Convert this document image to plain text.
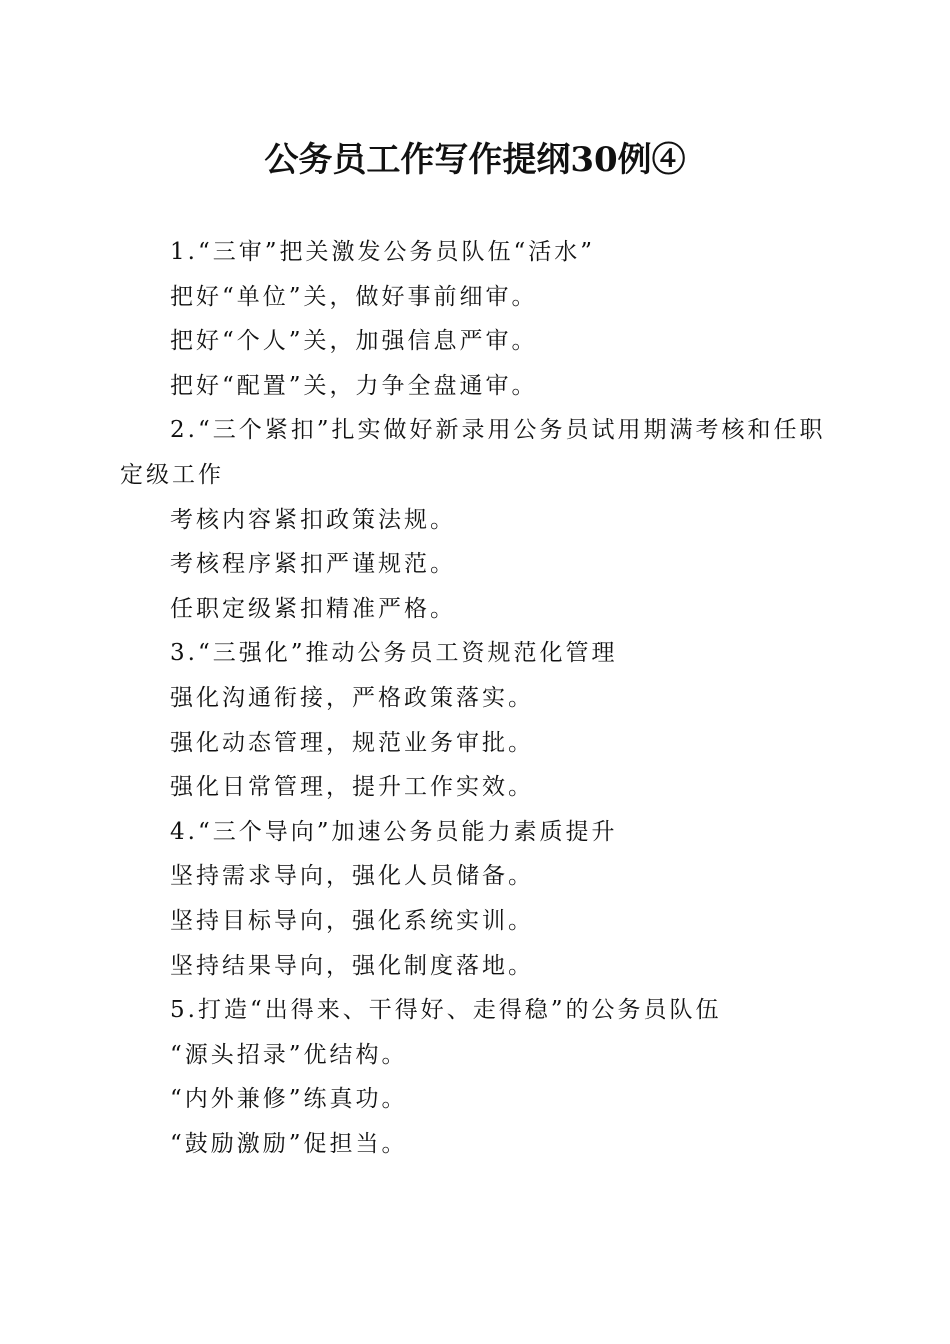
公务员工作写作提纲30例④

1.“三审”把关激发公务员队伍“活水”

把好“单位”关，做好事前细审。

把好“个人”关，加强信息严审。

把好“配置”关，力争全盘通审。

2.“三个紧扣”扎实做好新录用公务员试用期满考核和任职定级工作

考核内容紧扣政策法规。

考核程序紧扣严谨规范。

任职定级紧扣精准严格。

3.“三强化”推动公务员工资规范化管理

强化沟通衔接，严格政策落实。

强化动态管理，规范业务审批。

强化日常管理，提升工作实效。

4.“三个导向”加速公务员能力素质提升

坚持需求导向，强化人员储备。

坚持目标导向，强化系统实训。

坚持结果导向，强化制度落地。

5.打造“出得来、干得好、走得稳”的公务员队伍

“源头招录”优结构。

“内外兼修”练真功。

“鼓励激励”促担当。
